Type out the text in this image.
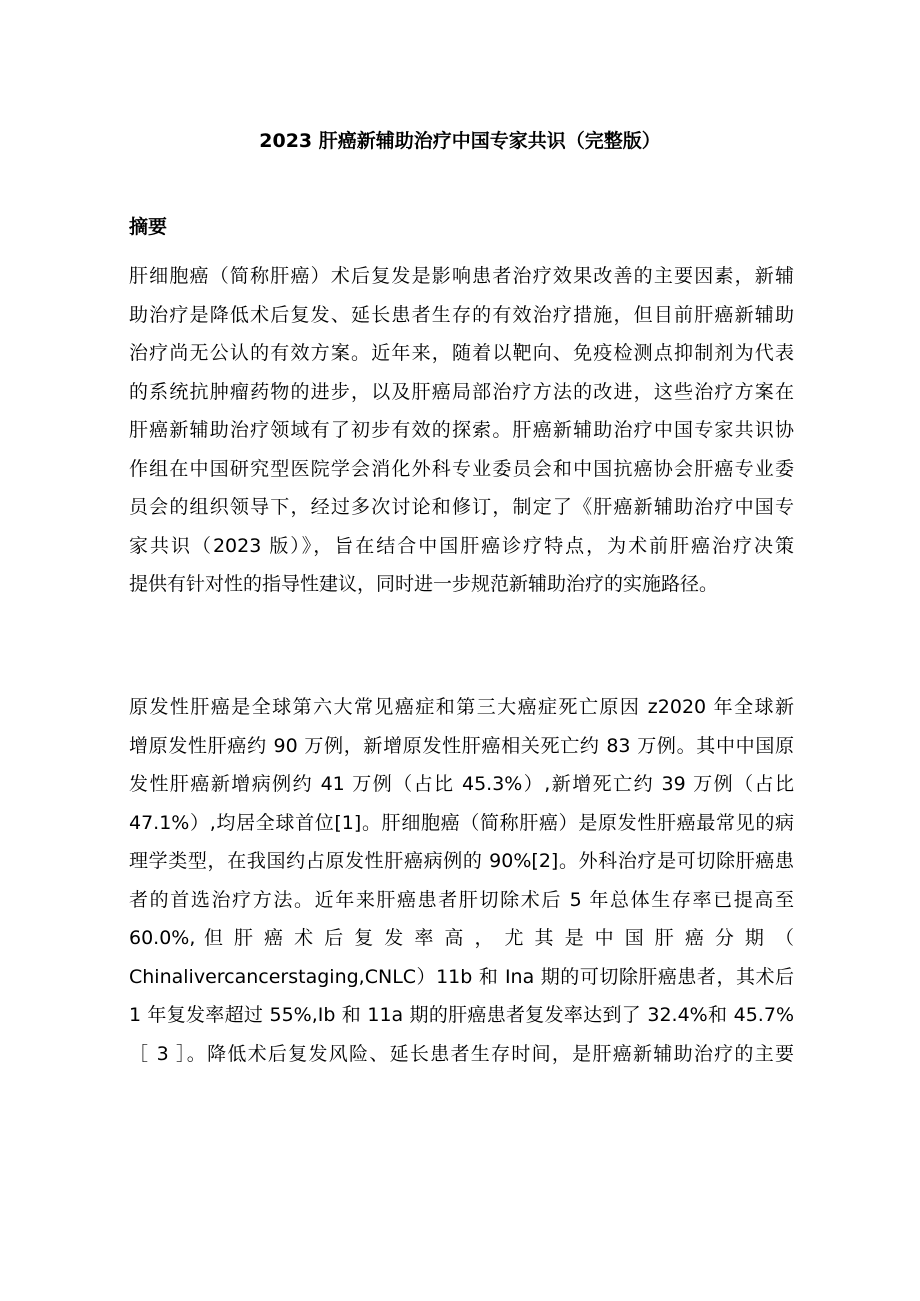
2023 肝癌新辅助治疗中国专家共识（完整版）
摘要
肝细胞癌（简称肝癌）术后复发是影响患者治疗效果改善的主要因素，新辅
助治疗是降低术后复发、延长患者生存的有效治疗措施，但目前肝癌新辅助
治疗尚无公认的有效方案。近年来，随着以靶向、免疫检测点抑制剂为代表
的系统抗肿瘤药物的进步，以及肝癌局部治疗方法的改进，这些治疗方案在
肝癌新辅助治疗领域有了初步有效的探索。肝癌新辅助治疗中国专家共识协
作组在中国研究型医院学会消化外科专业委员会和中国抗癌协会肝癌专业委
员会的组织领导下，经过多次讨论和修订，制定了《肝癌新辅助治疗中国专
家共识（2023 版）》，旨在结合中国肝癌诊疗特点，为术前肝癌治疗决策
提供有针对性的指导性建议，同时进一步规范新辅助治疗的实施路径。
原发性肝癌是全球第六大常见癌症和第三大癌症死亡原因 z2020 年全球新
增原发性肝癌约 90 万例，新增原发性肝癌相关死亡约 83 万例。其中中国原
发性肝癌新增病例约 41 万例（占比 45.3%）,新增死亡约 39 万例（占比
47.1%）,均居全球首位[1]。肝细胞癌（简称肝癌）是原发性肝癌最常见的病
理学类型，在我国约占原发性肝癌病例的 90%[2]。外科治疗是可切除肝癌患
者的首选治疗方法。近年来肝癌患者肝切除术后 5 年总体生存率已提高至
60.0%, 但 肝 癌 术 后 复 发 率 高 ， 尤 其 是 中 国 肝 癌 分 期 （
Chinalivercancerstaging,CNLC）11b 和 Ina 期的可切除肝癌患者，其术后
1 年复发率超过 55%,Ib 和 11a 期的肝癌患者复发率达到了 32.4%和 45.7%
［ 3 ］。降低术后复发风险、延长患者生存时间，是肝癌新辅助治疗的主要
